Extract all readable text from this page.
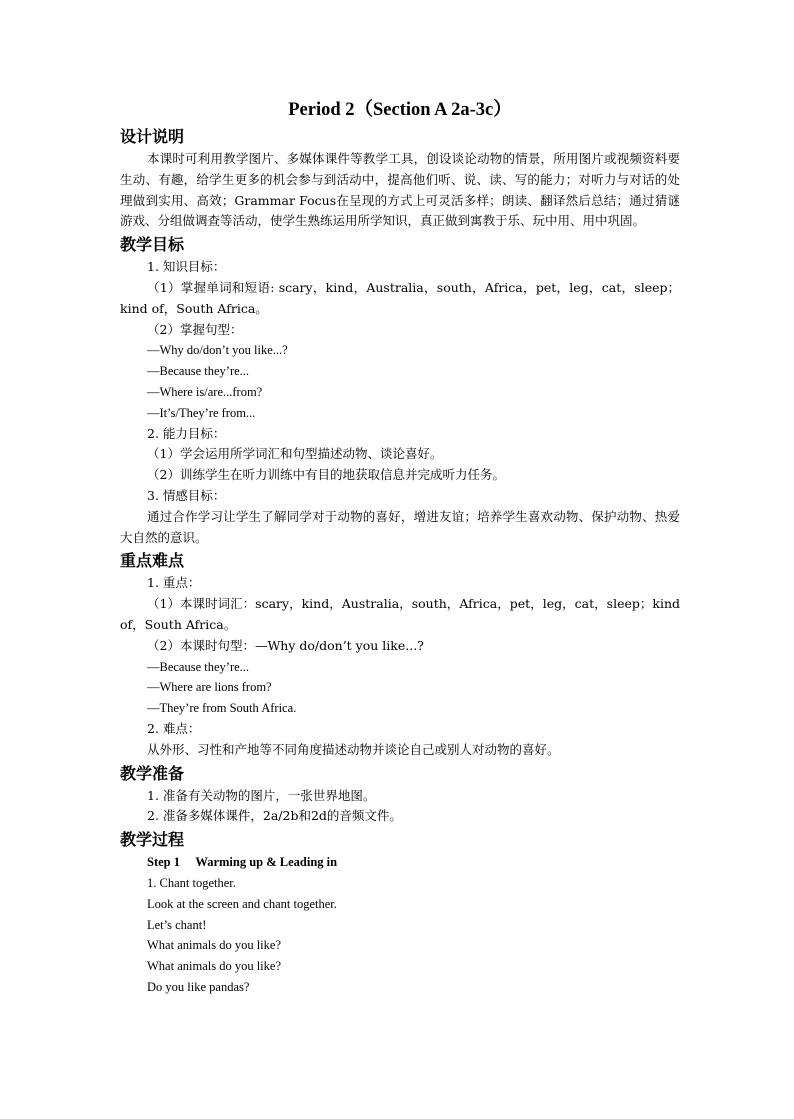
Period 2（Section A 2a-3c）
设计说明

本课时可利用教学图片、多媒体课件等教学工具，创设谈论动物的情景，所用图片或视频资料要生动、有趣，给学生更多的机会参与到活动中，提高他们听、说、读、写的能力；对听力与对话的处理做到实用、高效；Grammar Focus在呈现的方式上可灵活多样；朗读、翻译然后总结；通过猜谜游戏、分组做调查等活动，使学生熟练运用所学知识，真正做到寓教于乐、玩中用、用中巩固。

教学目标

1. 知识目标：

（1）掌握单词和短语: scary，kind，Australia，south，Africa，pet，leg，cat，sleep；kind of，South Africa。

（2）掌握句型：

—Why do/don’t you like...?

—Because they’re...

—Where is/are...from?

—It’s/They’re from...

2. 能力目标：

（1）学会运用所学词汇和句型描述动物、谈论喜好。

（2）训练学生在听力训练中有目的地获取信息并完成听力任务。

3. 情感目标：

通过合作学习让学生了解同学对于动物的喜好，增进友谊；培养学生喜欢动物、保护动物、热爱大自然的意识。

重点难点

1. 重点：

（1）本课时词汇：scary，kind，Australia，south，Africa，pet，leg，cat，sleep；kind of，South Africa。

（2）本课时句型：—Why do/don’t you like...?

—Because they’re...

—Where are lions from?

—They’re from South Africa.

2. 难点：

从外形、习性和产地等不同角度描述动物并谈论自己或别人对动物的喜好。

教学准备

1. 准备有关动物的图片，一张世界地图。

2. 准备多媒体课件，2a/2b和2d的音频文件。

教学过程

Step 1　 Warming up & Leading in

1. Chant together.

Look at the screen and chant together.

Let’s chant!

What animals do you like?

What animals do you like?

Do you like pandas?
